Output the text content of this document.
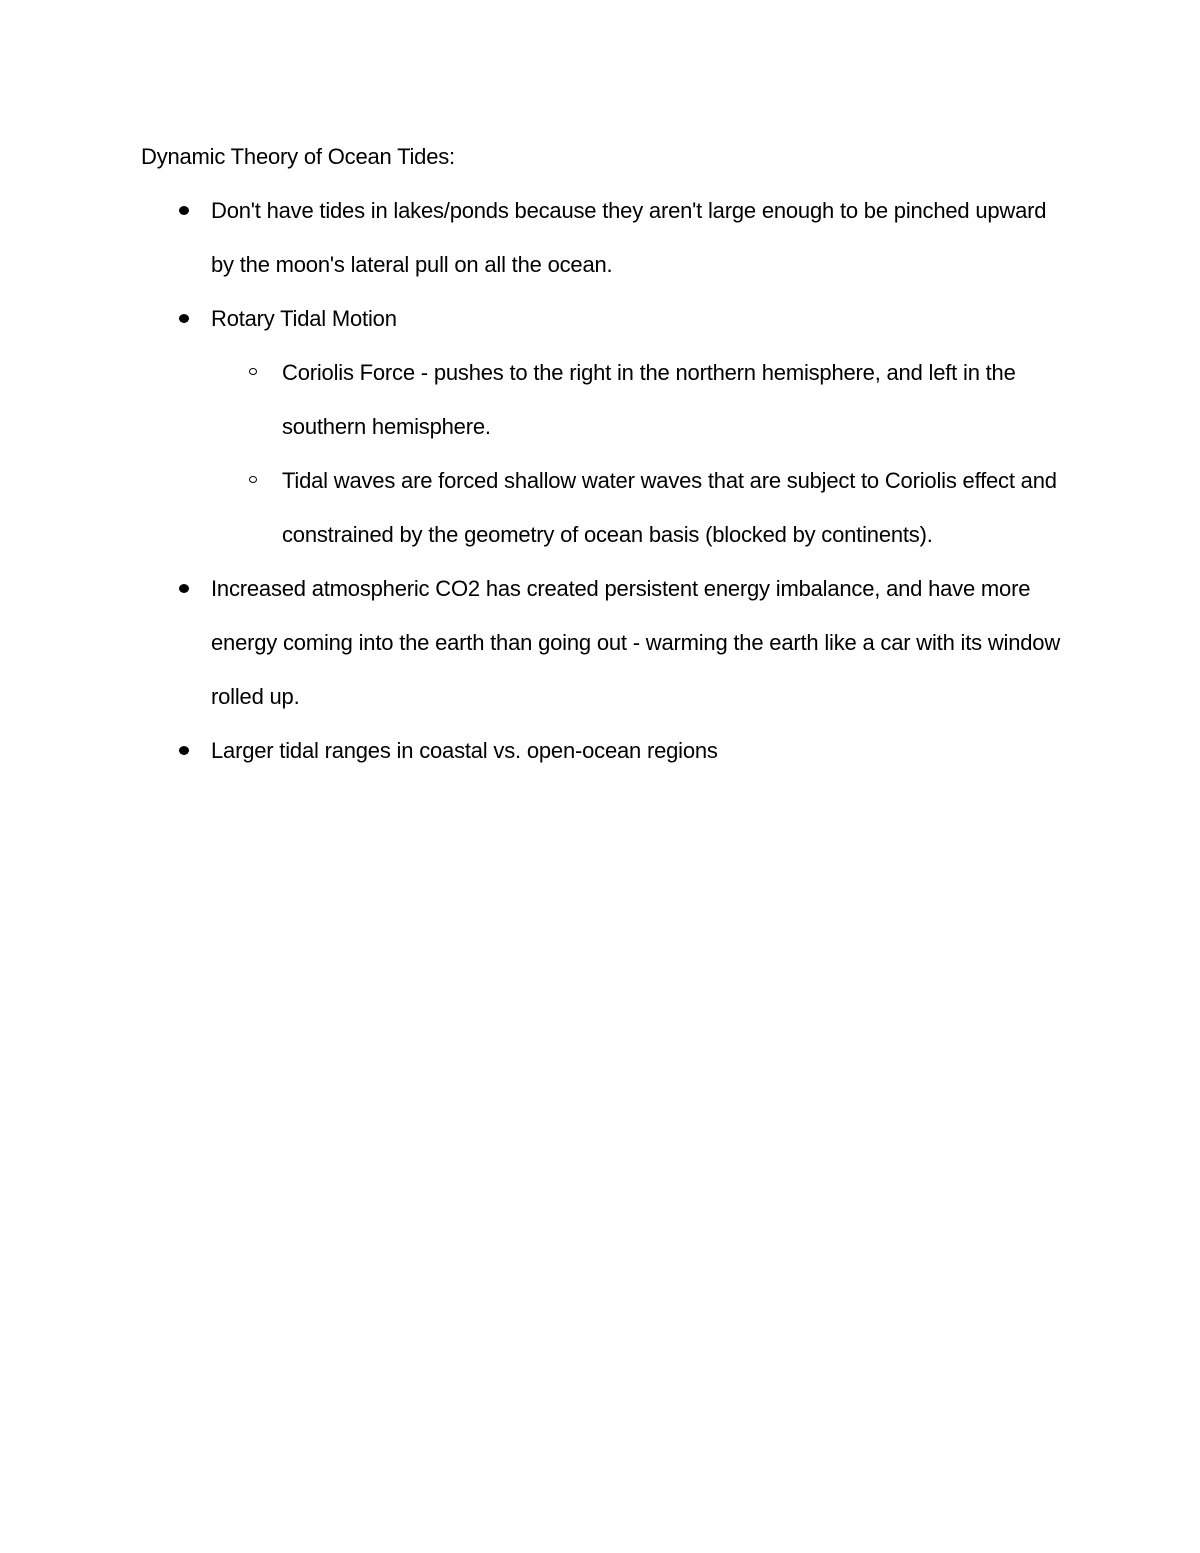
Dynamic Theory of Ocean Tides:

Don't have tides in lakes/ponds because they aren't large enough to be pinched upward by the moon's lateral pull on all the ocean.
Rotary Tidal Motion
Coriolis Force - pushes to the right in the northern hemisphere, and left in the southern hemisphere.
Tidal waves are forced shallow water waves that are subject to Coriolis effect and constrained by the geometry of ocean basis (blocked by continents).
Increased atmospheric CO2 has created persistent energy imbalance, and have more energy coming into the earth than going out - warming the earth like a car with its window rolled up.
Larger tidal ranges in coastal vs. open-ocean regions
